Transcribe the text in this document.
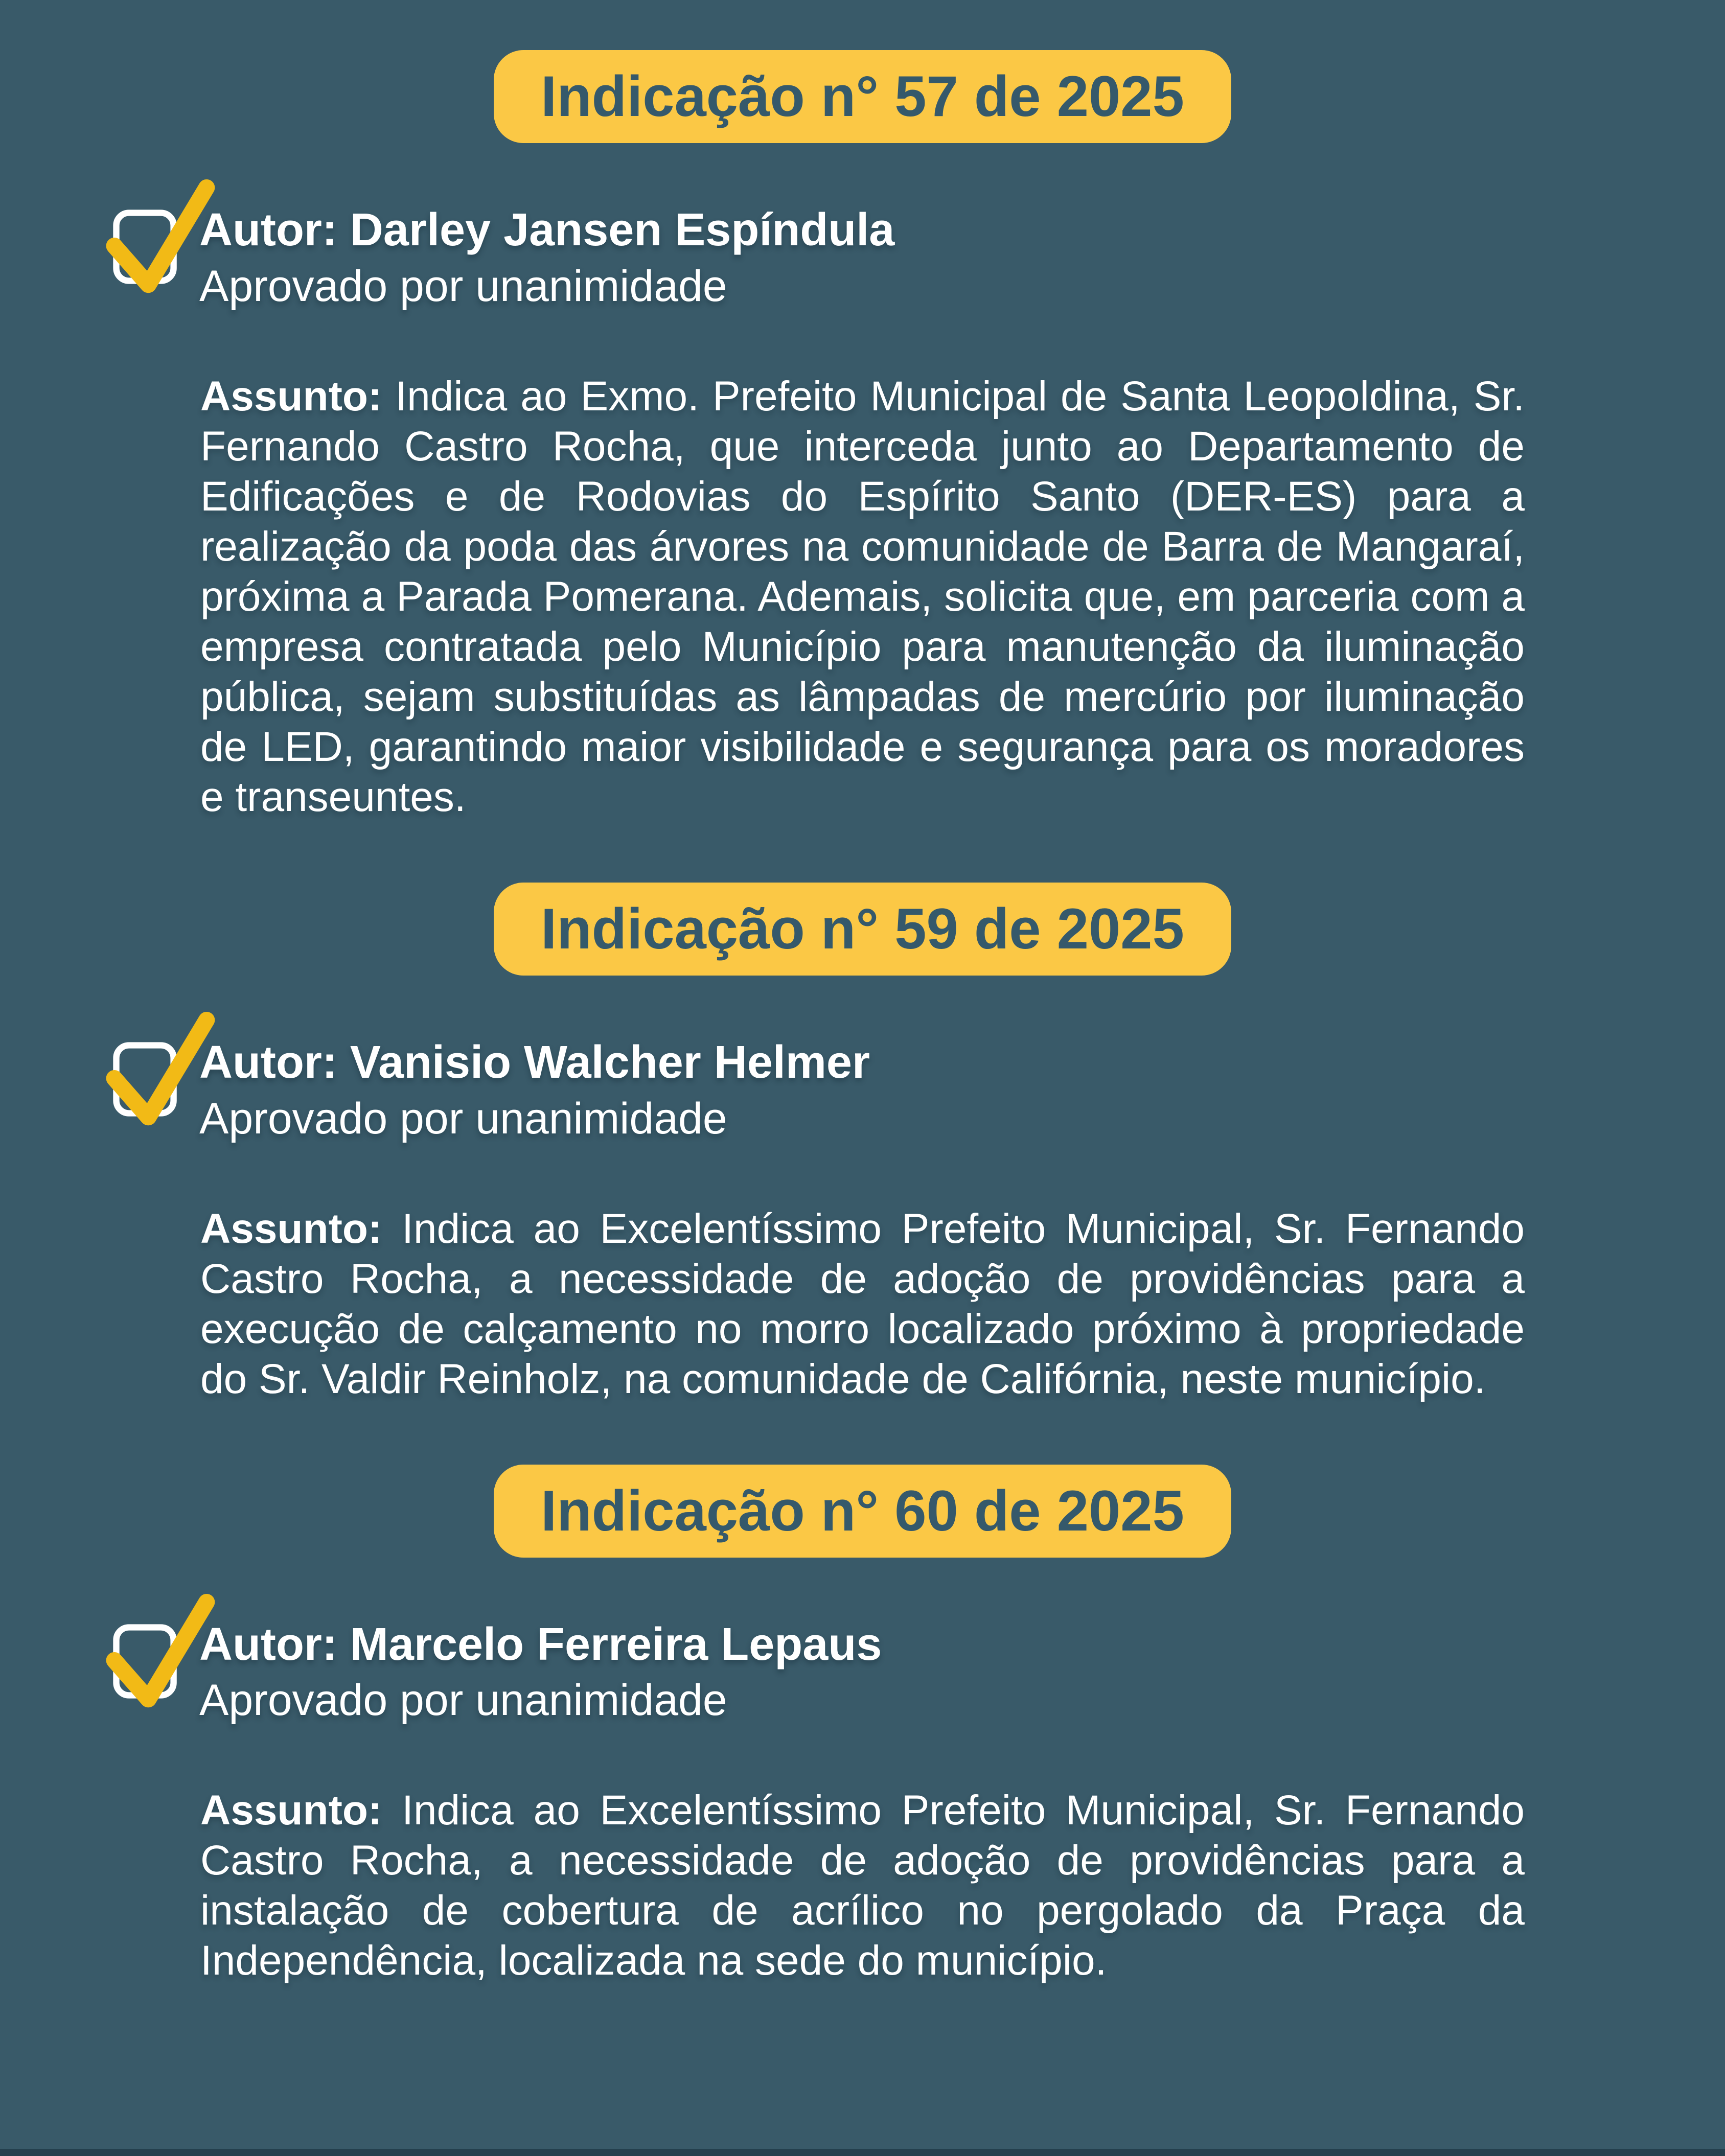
Indicação n° 57 de 2025
Autor: Darley Jansen Espíndula
Aprovado por unanimidade

Assunto: Indica ao Exmo. Prefeito Municipal de Santa Leopoldina, Sr. Fernando Castro Rocha, que interceda junto ao Departamento de Edificações e de Rodovias do Espírito Santo (DER-ES) para a realização da poda das árvores na comunidade de Barra de Mangaraí, próxima a Parada Pomerana. Ademais, solicita que, em parceria com a empresa contratada pelo Município para manutenção da iluminação pública, sejam substituídas as lâmpadas de mercúrio por iluminação de LED, garantindo maior visibilidade e segurança para os moradores e transeuntes.

Indicação n° 59 de 2025
Autor: Vanisio Walcher Helmer
Aprovado por unanimidade

Assunto: Indica ao Excelentíssimo Prefeito Municipal, Sr. Fernando Castro Rocha, a necessidade de adoção de providências para a execução de calçamento no morro localizado próximo à propriedade do Sr. Valdir Reinholz, na comunidade de Califórnia, neste município.

Indicação n° 60 de 2025
Autor: Marcelo Ferreira Lepaus
Aprovado por unanimidade

Assunto: Indica ao Excelentíssimo Prefeito Municipal, Sr. Fernando Castro Rocha, a necessidade de adoção de providências para a instalação de cobertura de acrílico no pergolado da Praça da Independência, localizada na sede do município.
